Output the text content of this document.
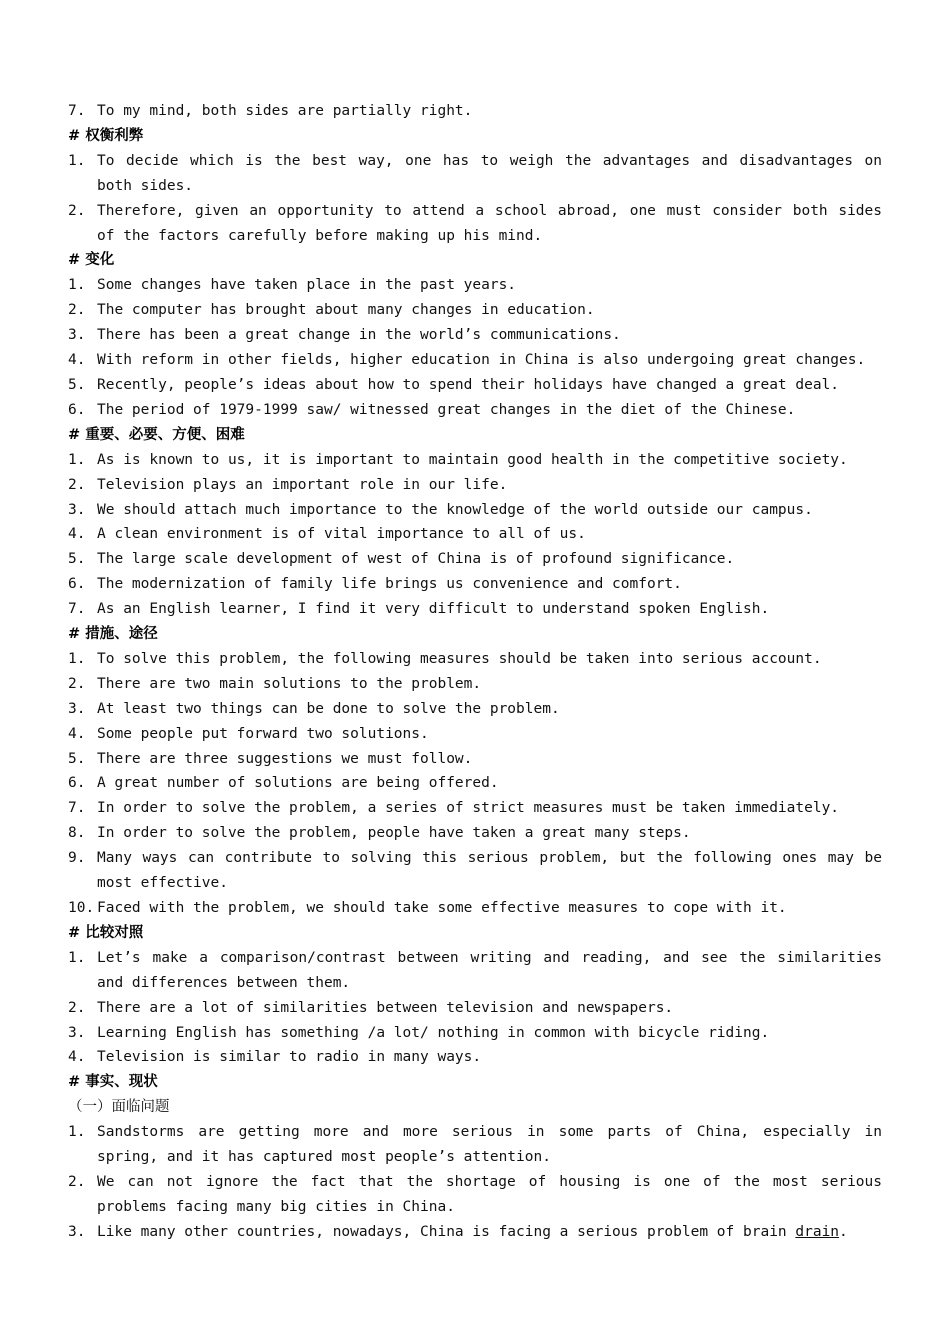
7. To my mind, both sides are partially right.
# 权衡利弊
1. To decide which is the best way, one has to weigh the advantages and disadvantages on both sides.
2. Therefore, given an opportunity to attend a school abroad, one must consider both sides of the factors carefully before making up his mind.
# 变化
1. Some changes have taken place in the past years.
2. The computer has brought about many changes in education.
3. There has been a great change in the world’s communications.
4. With reform in other fields, higher education in China is also undergoing great changes.
5. Recently, people’s ideas about how to spend their holidays have changed a great deal.
6. The period of 1979-1999 saw/ witnessed great changes in the diet of the Chinese.
# 重要、必要、方便、困难
1. As is known to us, it is important to maintain good health in the competitive society.
2. Television plays an important role in our life.
3. We should attach much importance to the knowledge of the world outside our campus.
4. A clean environment is of vital importance to all of us.
5. The large scale development of west of China is of profound significance.
6. The modernization of family life brings us convenience and comfort.
7. As an English learner, I find it very difficult to understand spoken English.
# 措施、途径
1. To solve this problem, the following measures should be taken into serious account.
2. There are two main solutions to the problem.
3. At least two things can be done to solve the problem.
4. Some people put forward two solutions.
5. There are three suggestions we must follow.
6. A great number of solutions are being offered.
7. In order to solve the problem, a series of strict measures must be taken immediately.
8. In order to solve the problem, people have taken a great many steps.
9. Many ways can contribute to solving this serious problem, but the following ones may be most effective.
10. Faced with the problem, we should take some effective measures to cope with it.
# 比较对照
1. Let’s make a comparison/contrast between writing and reading, and see the similarities and differences between them.
2. There are a lot of similarities between television and newspapers.
3. Learning English has something /a lot/ nothing in common with bicycle riding.
4. Television is similar to radio in many ways.
# 事实、现状
（一）面临问题
1. Sandstorms are getting more and more serious in some parts of China, especially in spring, and it has captured most people’s attention.
2. We can not ignore the fact that the shortage of housing is one of the most serious problems facing many big cities in China.
3. Like many other countries, nowadays, China is facing a serious problem of brain drain.
